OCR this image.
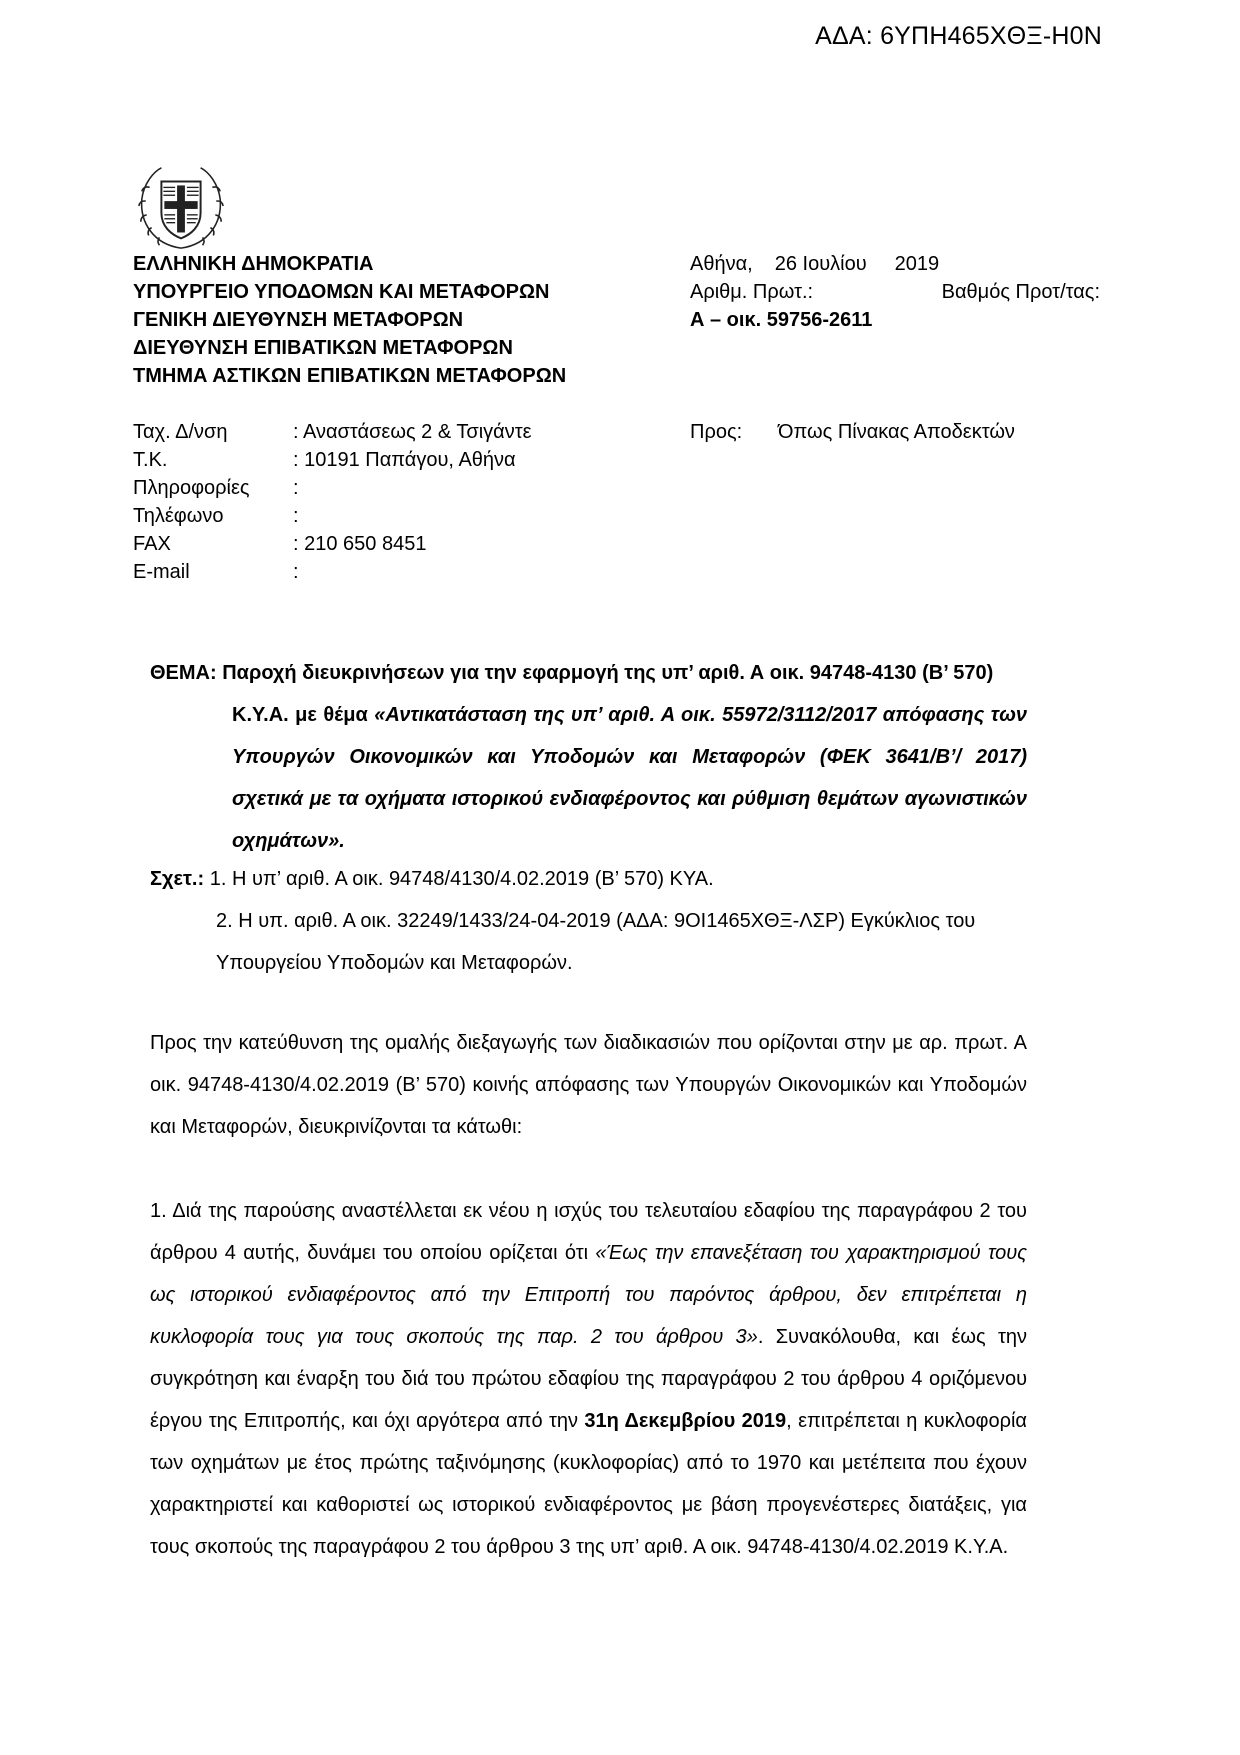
ΑΔΑ: 6ΥΠΗ465ΧΘΞ-Η0Ν
ΕΛΛΗΝΙΚΗ ΔΗΜΟΚΡΑΤΙΑ
ΥΠΟΥΡΓΕΙΟ ΥΠΟΔΟΜΩΝ ΚΑΙ ΜΕΤΑΦΟΡΩΝ
ΓΕΝΙΚΗ ΔΙΕΥΘΥΝΣΗ ΜΕΤΑΦΟΡΩΝ
ΔΙΕΥΘΥΝΣΗ ΕΠΙΒΑΤΙΚΩΝ ΜΕΤΑΦΟΡΩΝ
ΤΜΗΜΑ ΑΣΤΙΚΩΝ ΕΠΙΒΑΤΙΚΩΝ ΜΕΤΑΦΟΡΩΝ
Αθήνα, 26 Ιουλίου 2019
Αριθμ. Πρωτ.:	Βαθμός Προτ/τας:
Α – οικ. 59756-2611
Ταχ. Δ/νση	: Αναστάσεως 2 & Τσιγάντε
Τ.Κ.	: 10191 Παπάγου, Αθήνα
Πληροφορίες	:
Τηλέφωνο	:
FAX	: 210 650 8451
E-mail	:
Προς:	Όπως Πίνακας Αποδεκτών
ΘΕΜΑ: Παροχή διευκρινήσεων για την εφαρμογή της υπ’ αριθ. Α οικ. 94748-4130 (Β’ 570)
Κ.Υ.Α. με θέμα «Αντικατάσταση της υπ’ αριθ. Α οικ. 55972/3112/2017 απόφασης των Υπουργών Οικονομικών και Υποδομών και Μεταφορών (ΦΕΚ 3641/Β’/ 2017) σχετικά με τα οχήματα ιστορικού ενδιαφέροντος και ρύθμιση θεμάτων αγωνιστικών οχημάτων».
Σχετ.: 1. Η υπ’ αριθ. Α οικ. 94748/4130/4.02.2019 (Β’ 570) ΚΥΑ.
2. Η υπ. αριθ. Α οικ. 32249/1433/24-04-2019 (ΑΔΑ: 9ΟΙ1465ΧΘΞ-ΛΣΡ) Εγκύκλιος του Υπουργείου Υποδομών και Μεταφορών.
Προς την κατεύθυνση της ομαλής διεξαγωγής των διαδικασιών που ορίζονται στην με αρ. πρωτ. Α οικ. 94748-4130/4.02.2019 (Β’ 570) κοινής απόφασης των Υπουργών Οικονομικών και Υποδομών και Μεταφορών, διευκρινίζονται τα κάτωθι:
1. Διά της παρούσης αναστέλλεται εκ νέου η ισχύς του τελευταίου εδαφίου της παραγράφου 2 του άρθρου 4 αυτής, δυνάμει του οποίου ορίζεται ότι «Έως την επανεξέταση του χαρακτηρισμού τους ως ιστορικού ενδιαφέροντος από την Επιτροπή του παρόντος άρθρου, δεν επιτρέπεται η κυκλοφορία τους για τους σκοπούς της παρ. 2 του άρθρου 3». Συνακόλουθα, και έως την συγκρότηση και έναρξη του διά του πρώτου εδαφίου της παραγράφου 2 του άρθρου 4 οριζόμενου έργου της Επιτροπής, και όχι αργότερα από την 31η Δεκεμβρίου 2019, επιτρέπεται η κυκλοφορία των οχημάτων με έτος πρώτης ταξινόμησης (κυκλοφορίας) από το 1970 και μετέπειτα που έχουν χαρακτηριστεί και καθοριστεί ως ιστορικού ενδιαφέροντος με βάση προγενέστερες διατάξεις, για τους σκοπούς της παραγράφου 2 του άρθρου 3 της υπ’ αριθ. Α οικ. 94748-4130/4.02.2019 Κ.Υ.Α.
